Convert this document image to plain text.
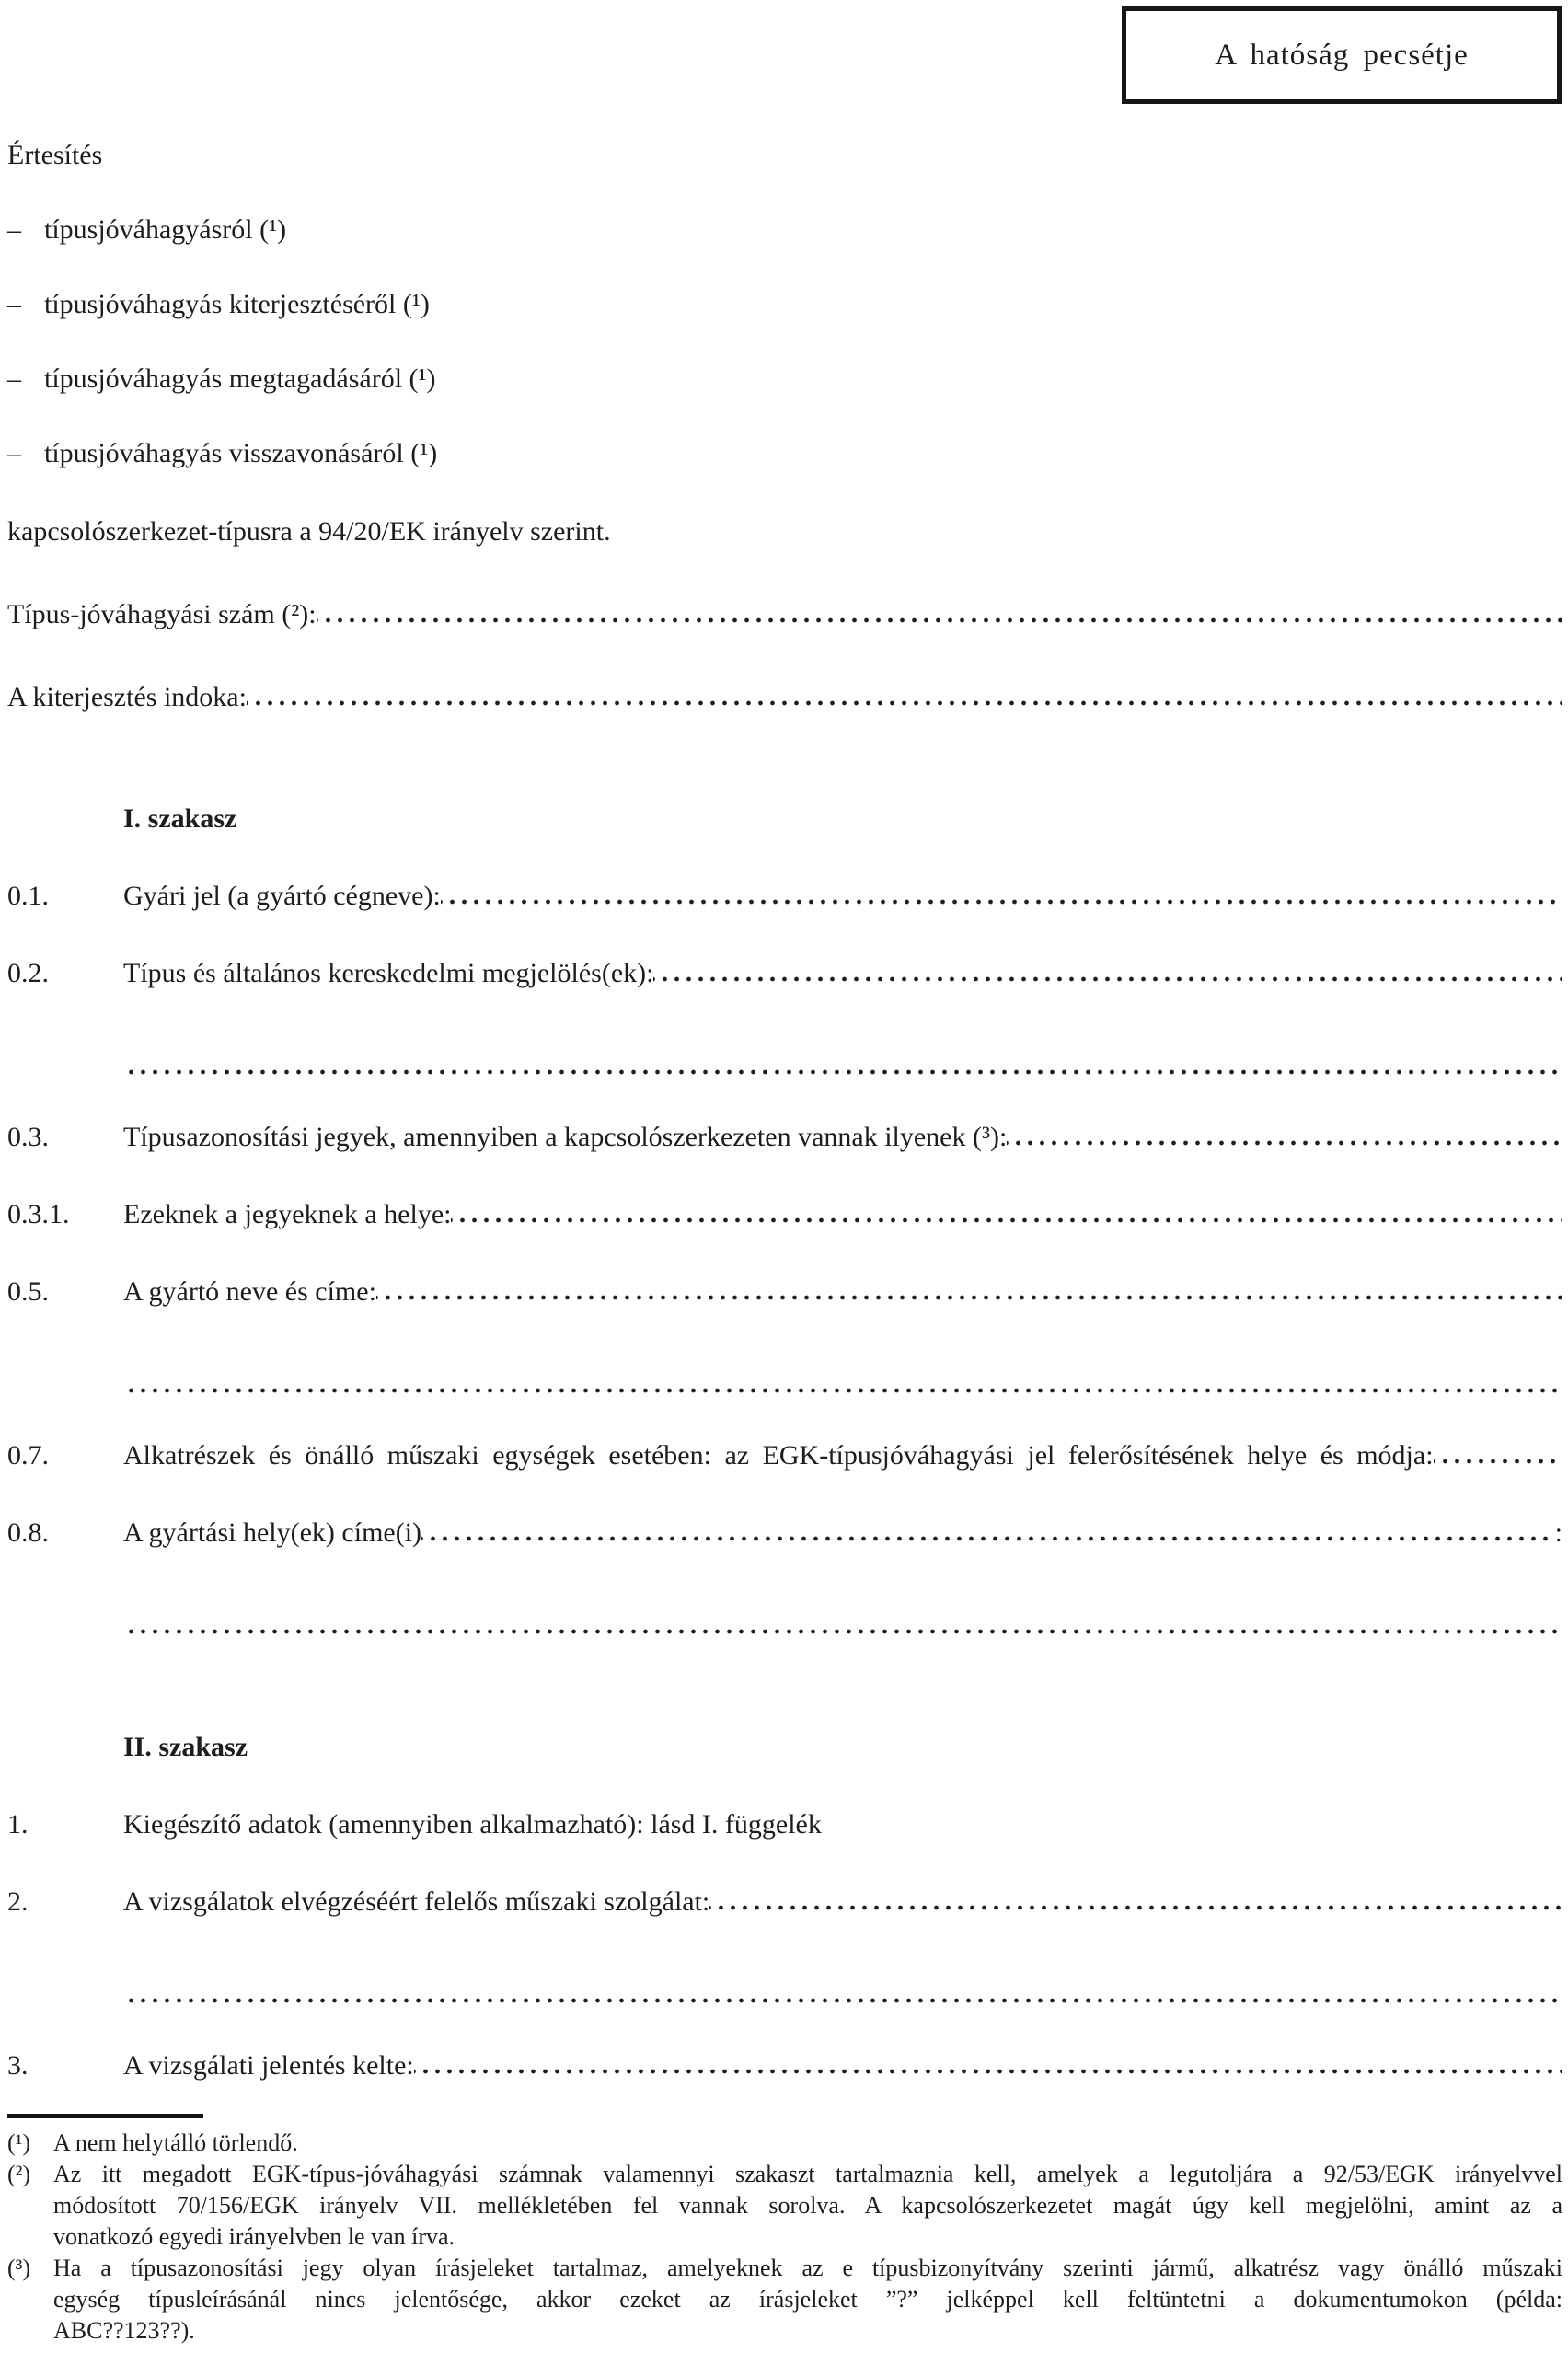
A hatóság pecsétje
Értesítés
– típusjóváhagyásról (¹)
– típusjóváhagyás kiterjesztéséről (¹)
– típusjóváhagyás megtagadásáról (¹)
– típusjóváhagyás visszavonásáról (¹)
kapcsolószerkezet-típusra a 94/20/EK irányelv szerint.
Típus-jóváhagyási szám (²):
A kiterjesztés indoka:
I. szakasz
0.1.	Gyári jel (a gyártó cégneve):
0.2.	Típus és általános kereskedelmi megjelölés(ek):
0.3.	Típusazonosítási jegyek, amennyiben a kapcsolószerkezeten vannak ilyenek (³):
0.3.1.	Ezeknek a jegyeknek a helye:
0.5.	A gyártó neve és címe:
0.7.	Alkatrészek és önálló műszaki egységek esetében: az EGK-típusjóváhagyási jel felerősítésének helye és módja:
0.8.	A gyártási hely(ek) címe(i)	:
II. szakasz
1.	Kiegészítő adatok (amennyiben alkalmazható): lásd I. függelék
2.	A vizsgálatok elvégzéséért felelős műszaki szolgálat:
3.	A vizsgálati jelentés kelte:
(¹) A nem helytálló törlendő.
(²) Az itt megadott EGK-típus-jóváhagyási számnak valamennyi szakaszt tartalmaznia kell, amelyek a legutoljára a 92/53/EGK irányelvvel
módosított 70/156/EGK irányelv VII. mellékletében fel vannak sorolva. A kapcsolószerkezetet magát úgy kell megjelölni, amint az a
vonatkozó egyedi irányelvben le van írva.
(³) Ha a típusazonosítási jegy olyan írásjeleket tartalmaz, amelyeknek az e típusbizonyítvány szerinti jármű, alkatrész vagy önálló műszaki
egység típusleírásánál nincs jelentősége, akkor ezeket az írásjeleket ”?” jelképpel kell feltüntetni a dokumentumokon (példa:
ABC??123??).
